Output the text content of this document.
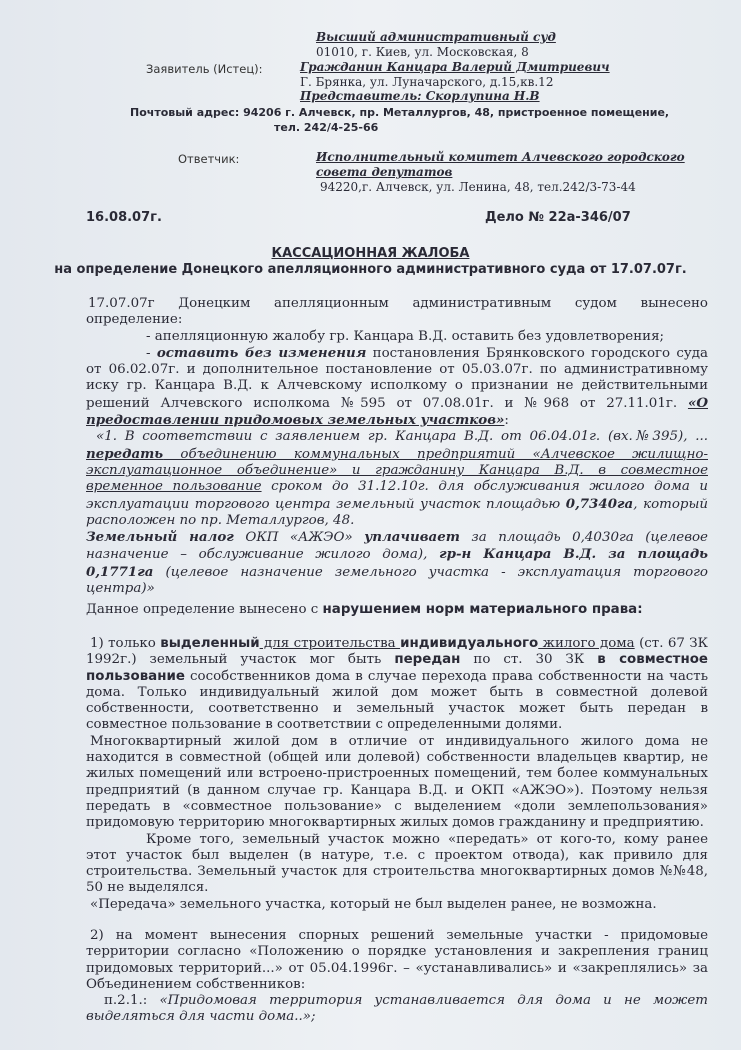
Высший административный суд
01010, г. Киев, ул. Московская, 8
Заявитель (Истец):	Гражданин Канцара Валерий Дмитриевич
Г. Брянка, ул. Луначарского, д.15,кв.12
Представитель: Скорлупина Н.В
Почтовый адрес: 94206 г. Алчевск, пр. Металлургов, 48, пристроенное помещение,
тел. 242/4-25-66
Ответчик:	Исполнительный комитет Алчевского городского
совета депутатов
94220,г. Алчевск, ул. Ленина, 48, тел.242/3-73-44
16.08.07г.	Дело № 22а-346/07
КАССАЦИОННАЯ ЖАЛОБА
на определение Донецкого апелляционного административного суда от 17.07.07г.

17.07.07г Донецким апелляционным административным судом вынесено определение:

- апелляционную жалобу гр. Канцара В.Д. оставить без удовлетворения;

- оставить без изменения постановления Брянковского городского суда от 06.02.07г. и дополнительное постановление от 05.03.07г. по административному иску гр. Канцара В.Д. к Алчевскому исполкому о признании не действительными решений Алчевского исполкома №595 от 07.08.01г. и №968 от 27.11.01г. «О предоставлении придомовых земельных участков»:

«1. В соответствии с заявлением гр. Канцара В.Д. от 06.04.01г. (вх.№395), ... передать объединению коммунальных предприятий «Алчевское жилищно-эксплуатационное объединение» и гражданину Канцара В.Д. в совместное временное пользование сроком до 31.12.10г. для обслуживания жилого дома и эксплуатации торгового центра земельный участок площадью 0,7340га, который расположен по пр. Металлургов, 48.

Земельный налог ОКП «АЖЭО» уплачивает за площадь 0,4030га (целевое назначение – обслуживание жилого дома), гр-н Канцара В.Д. за площадь 0,1771га (целевое назначение земельного участка - эксплуатация торгового центра)»

Данное определение вынесено с нарушением норм материального права:

1) только выделенный для строительства индивидуального жилого дома (ст. 67 ЗК 1992г.) земельный участок мог быть передан по ст. 30 ЗК в совместное пользование сособственников дома в случае перехода права собственности на часть дома. Только индивидуальный жилой дом может быть в совместной долевой собственности, соответственно и земельный участок может быть передан в совместное пользование в соответствии с определенными долями.

Многоквартирный жилой дом в отличие от индивидуального жилого дома не находится в совместной (общей или долевой) собственности владельцев квартир, не жилых помещений или встроено-пристроенных помещений, тем более коммунальных предприятий (в данном случае гр. Канцара В.Д. и ОКП «АЖЭО»). Поэтому нельзя передать в «совместное пользование» с выделением «доли землепользования» придомовую территорию многоквартирных жилых домов гражданину и предприятию.

Кроме того, земельный участок можно «передать» от кого-то, кому ранее этот участок был выделен (в натуре, т.е. с проектом отвода), как привило для строительства. Земельный участок для строительства многоквартирных домов №№48, 50 не выделялся.

«Передача» земельного участка, который не был выделен ранее, не возможна.

2) на момент вынесения спорных решений земельные участки - придомовые территории согласно «Положению о порядке установления и закрепления границ придомовых территорий...» от 05.04.1996г. – «устанавливались» и «закреплялись» за Объединением собственников:

п.2.1.: «Придомовая территория устанавливается для дома и не может выделяться для части дома..»;
